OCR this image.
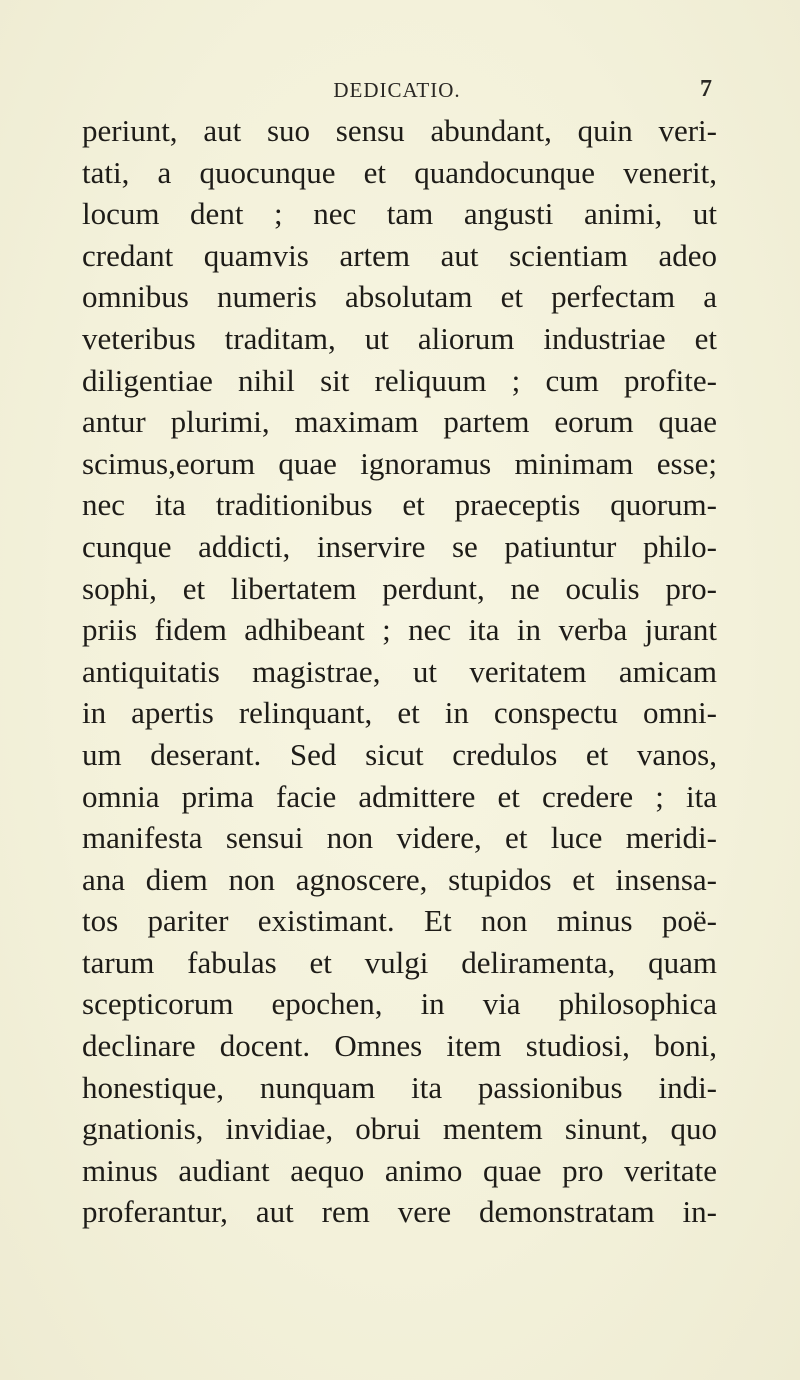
DEDICATIO.	7
periunt, aut suo sensu abundant, quin veri-
tati, a quocunque et quandocunque venerit,
locum dent ; nec tam angusti animi, ut
credant quamvis artem aut scientiam adeo
omnibus numeris absolutam et perfectam a
veteribus traditam, ut aliorum industriae et
diligentiae nihil sit reliquum ; cum profite-
antur plurimi, maximam partem eorum quae
scimus,eorum quae ignoramus minimam esse;
nec ita traditionibus et praeceptis quorum-
cunque addicti, inservire se patiuntur philo-
sophi, et libertatem perdunt, ne oculis pro-
priis fidem adhibeant ; nec ita in verba jurant
antiquitatis magistrae, ut veritatem amicam
in apertis relinquant, et in conspectu omni-
um deserant. Sed sicut credulos et vanos,
omnia prima facie admittere et credere ; ita
manifesta sensui non videre, et luce meridi-
ana diem non agnoscere, stupidos et insensa-
tos pariter existimant. Et non minus poë-
tarum fabulas et vulgi deliramenta, quam
scepticorum epochen, in via philosophica
declinare docent. Omnes item studiosi, boni,
honestique, nunquam ita passionibus indi-
gnationis, invidiae, obrui mentem sinunt, quo
minus audiant aequo animo quae pro veritate
proferantur, aut rem vere demonstratam in-
